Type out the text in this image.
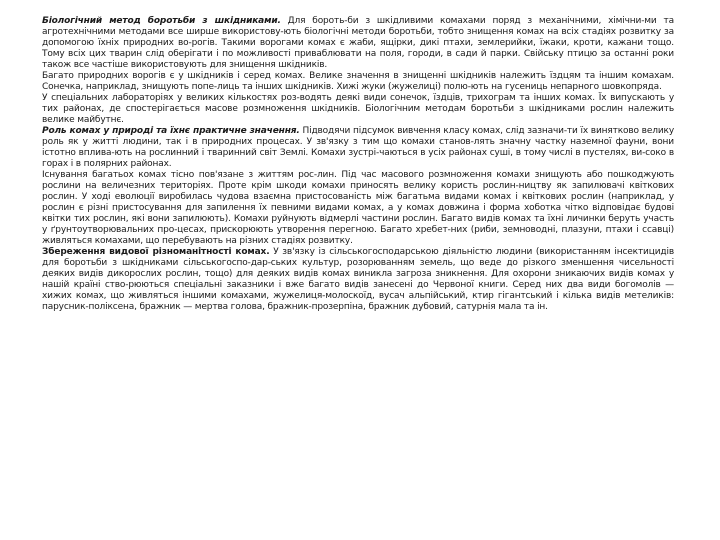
Біологічний метод боротьби з шкідниками. Для бороть-би з шкідливими комахами поряд з механічними, хімічни-ми та агротехнічними методами все ширше використову-ють біологічні методи боротьби, тобто знищення комах на всіх стадіях розвитку за допомогою їхніх природних во-рогів. Такими ворогами комах є жаби, ящірки, дикі птахи, землерийки, їжаки, кроти, кажани тощо. Тому всіх цих тварин слід оберігати і по можливості приваблювати на поля, городи, в сади й парки. Свійську птицю за останні роки також все частіше використовують для знищення шкідників.

Багато природних ворогів є у шкідників і серед комах. Велике значення в знищенні шкідників належить їздцям та іншим комахам. Сонечка, наприклад, знищують попе-лиць та інших шкідників. Хижі жуки (жужелиці) полю-ють на гусениць непарного шовкопряда.

У спеціальних лабораторіях у великих кількостях роз-водять деякі види сонечок, їздців, трихограм та інших комах. Їх випускають у тих районах, де спостерігається масове розмноження шкідників. Біологічним методам боротьби з шкідниками рослин належить велике майбутнє.

Роль комах у природі та їхнє практичне значення. Підводячи підсумок вивчення класу комах, слід зазначи-ти їх винятково велику роль як у житті людини, так і в природних процесах. У зв'язку з тим що комахи станов-лять значну частку наземної фауни, вони істотно вплива-ють на рослинний і тваринний світ Землі. Комахи зустрі-чаються в усіх районах суші, в тому числі в пустелях, ви-соко в горах і в полярних районах.

Існування багатьох комах тісно пов'язане з життям рос-лин. Під час масового розмноження комахи знищують або пошкоджують рослини на величезних територіях. Проте крім шкоди комахи приносять велику користь рослин-ництву як запилювачі квіткових рослин. У ході еволюції виробилась чудова взаємна пристосованість між багатьма видами комах і квіткових рослин (наприклад, у рослин є різні пристосування для запилення їх певними видами комах, а у комах довжина і форма хоботка чітко відповідає будові квітки тих рослин, які вони запилюють). Комахи руйнують відмерлі частини рослин. Багато видів комах та їхні личинки беруть участь у ґрунтоутворювальних про-цесах, прискорюють утворення перегною. Багато хребет-них (риби, земноводні, плазуни, птахи і ссавці) живляться комахами, що перебувають на різних стадіях розвитку.

Збереження видової різноманітності комах. У зв'язку із сільськогосподарською діяльністю людини (використанням інсектицидів для боротьби з шкідниками сільськогоспо-дар-ських культур, розорюванням земель, що веде до різкого зменшення чисельності деяких видів дикорослих рослин, тощо) для деяких видів комах виникла загроза зникнення. Для охорони зникаючих видів комах у нашій країні ство-рюються спеціальні заказники і вже багато видів занесені до Червоної книги. Серед них два види богомолів — хижих комах, що живляться іншими комахами, жужелиця-молоскоїд, вусач альпійський, ктир гігантський і кілька видів метеликів: парусник-поліксена, бражник — мертва голова, бражник-прозерпіна, бражник дубовий, сатурнія мала та ін.
